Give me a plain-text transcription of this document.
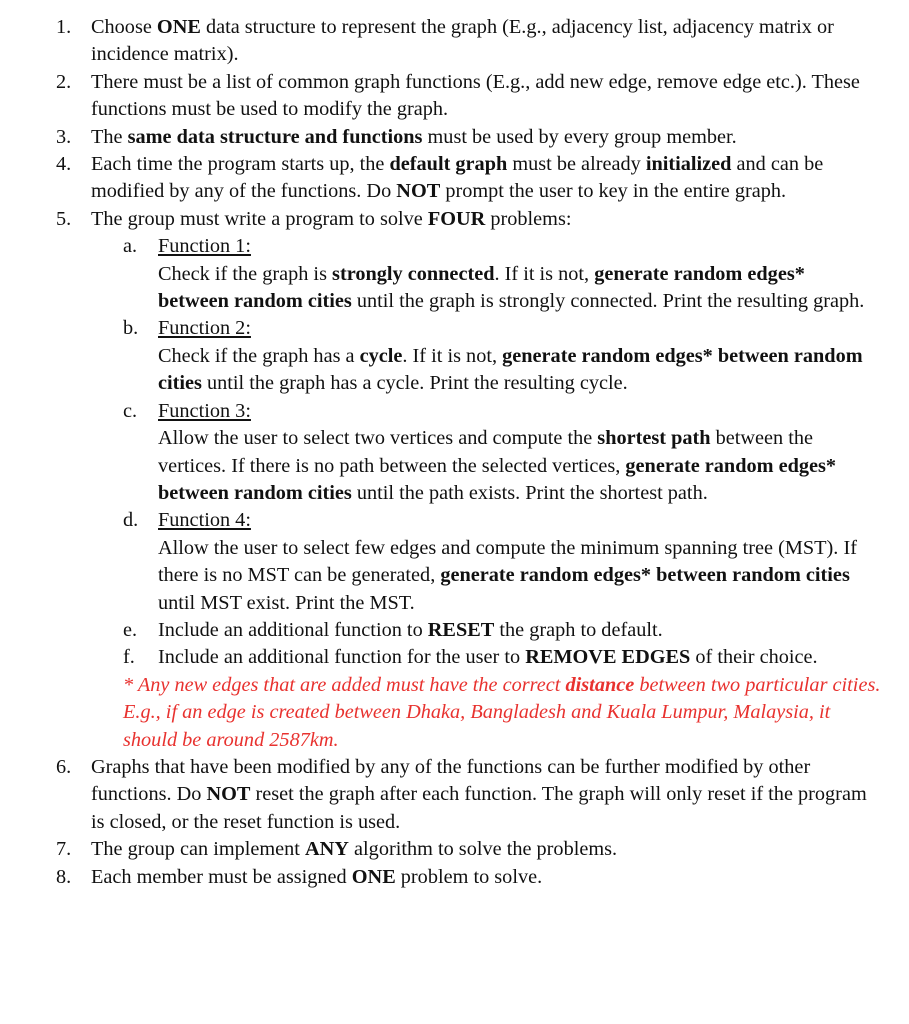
1. Choose ONE data structure to represent the graph (E.g., adjacency list, adjacency matrix or incidence matrix).
2. There must be a list of common graph functions (E.g., add new edge, remove edge etc.). These functions must be used to modify the graph.
3. The same data structure and functions must be used by every group member.
4. Each time the program starts up, the default graph must be already initialized and can be modified by any of the functions. Do NOT prompt the user to key in the entire graph.
5. The group must write a program to solve FOUR problems:
a. Function 1:
Check if the graph is strongly connected. If it is not, generate random edges* between random cities until the graph is strongly connected. Print the resulting graph.
b. Function 2:
Check if the graph has a cycle. If it is not, generate random edges* between random cities until the graph has a cycle. Print the resulting cycle.
c. Function 3:
Allow the user to select two vertices and compute the shortest path between the vertices. If there is no path between the selected vertices, generate random edges* between random cities until the path exists. Print the shortest path.
d. Function 4:
Allow the user to select few edges and compute the minimum spanning tree (MST). If there is no MST can be generated, generate random edges* between random cities until MST exist. Print the MST.
e. Include an additional function to RESET the graph to default.
f. Include an additional function for the user to REMOVE EDGES of their choice.
* Any new edges that are added must have the correct distance between two particular cities. E.g., if an edge is created between Dhaka, Bangladesh and Kuala Lumpur, Malaysia, it should be around 2587km.
6. Graphs that have been modified by any of the functions can be further modified by other functions. Do NOT reset the graph after each function. The graph will only reset if the program is closed, or the reset function is used.
7. The group can implement ANY algorithm to solve the problems.
8. Each member must be assigned ONE problem to solve.
